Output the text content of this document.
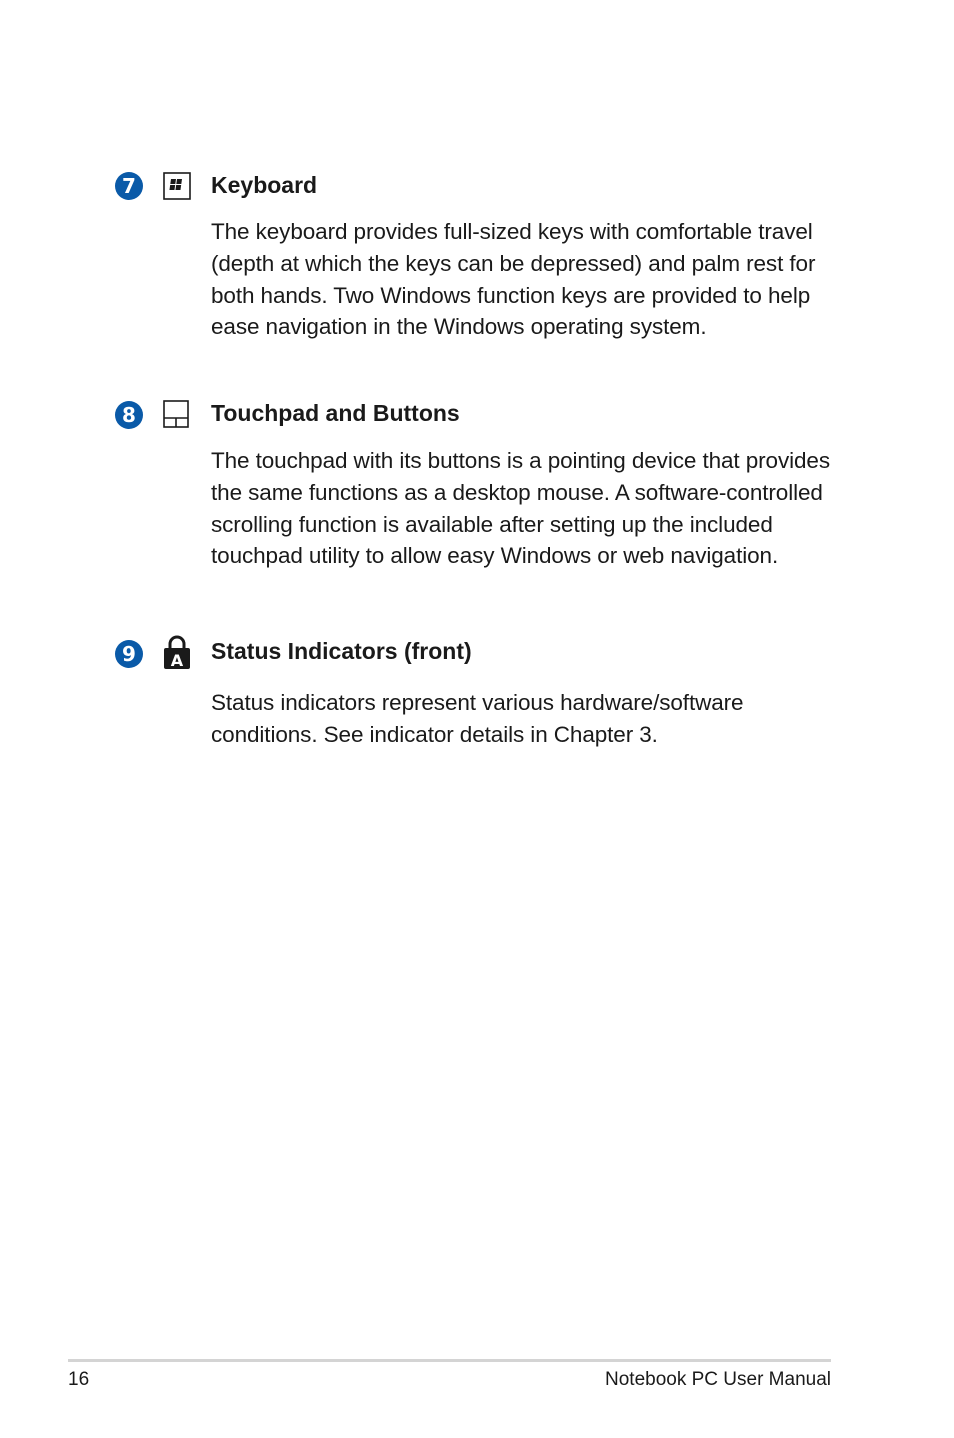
7	Keyboard

The keyboard provides full-sized keys with comfortable travel (depth at which the keys can be depressed) and palm rest for both hands. Two Windows function keys are provided to help ease navigation in the Windows operating system.

8	Touchpad and Buttons

The touchpad with its buttons is a pointing device that provides the same functions as a desktop mouse. A software-controlled scrolling function is available after setting up the included touchpad utility to allow easy Windows or web navigation.

9	A Status Indicators (front)

Status indicators represent various hardware/software conditions. See indicator details in Chapter 3.

16	Notebook PC User Manual
